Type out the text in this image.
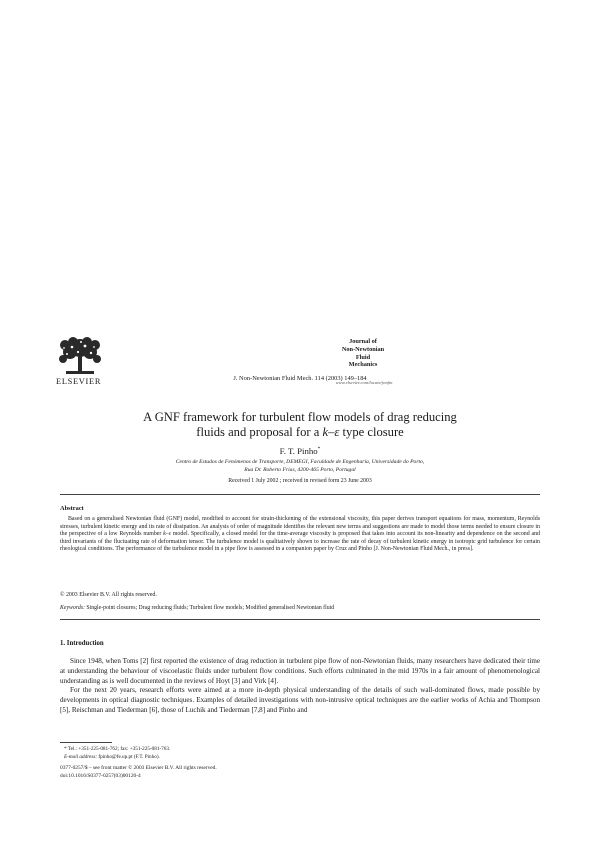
ELSEVIER	J. Non-Newtonian Fluid Mech. 114 (2003) 149–184
Journal of
Non-Newtonian
Fluid
Mechanics
www.elsevier.com/locate/jnnfm
A GNF framework for turbulent flow models of drag reducing
fluids and proposal for a k–ε type closure
F. T. Pinho*
Centro de Estudos de Fenómenos de Transporte, DEMEGI, Faculdade de Engenharia, Universidade do Porto,
Rua Dr. Roberto Frias, 4200-465 Porto, Portugal
Received 1 July 2002 ; received in revised form 23 June 2003
Abstract
Based on a generalised Newtonian fluid (GNF) model, modified to account for strain-thickening of the extensional viscosity, this paper derives transport equations for mass, momentum, Reynolds stresses, turbulent kinetic energy and its rate of dissipation. An analysis of order of magnitude identifies the relevant new terms and suggestions are made to model those terms needed to ensure closure in the perspective of a low Reynolds number k–ε model. Specifically, a closed model for the time-average viscosity is proposed that takes into account its non-linearity and dependence on the second and third invariants of the fluctuating rate of deformation tensor. The turbulence model is qualitatively shown to increase the rate of decay of turbulent kinetic energy in isotropic grid turbulence for certain rheological conditions. The performance of the turbulence model in a pipe flow is assessed in a companion paper by Cruz and Pinho [J. Non-Newtonian Fluid Mech., in press].
© 2003 Elsevier B.V. All rights reserved.
Keywords: Single-point closures; Drag reducing fluids; Turbulent flow models; Modified generalised Newtonian fluid
1. Introduction

Since 1948, when Toms [2] first reported the existence of drag reduction in turbulent pipe flow of non-Newtonian fluids, many researchers have dedicated their time at understanding the behaviour of viscoelastic fluids under turbulent flow conditions. Such efforts culminated in the mid 1970s in a fair amount of phenomenological understanding as is well documented in the reviews of Hoyt [3] and Virk [4].

For the next 20 years, research efforts were aimed at a more in-depth physical understanding of the details of such wall-dominated flows, made possible by developments in optical diagnostic techniques. Examples of detailed investigations with non-intrusive optical techniques are the earlier works of Achia and Thompson [5], Reischman and Tiederman [6], those of Luchik and Tiederman [7,8] and Pinho and

* Tel.: +351-225-081-762; fax: +351-225-081-763.
E-mail address: fpinho@fe.up.pt (F.T. Pinho).
0377-0257/$ – see front matter © 2003 Elsevier B.V. All rights reserved.
doi:10.1016/S0377-0257(03)00120-4
